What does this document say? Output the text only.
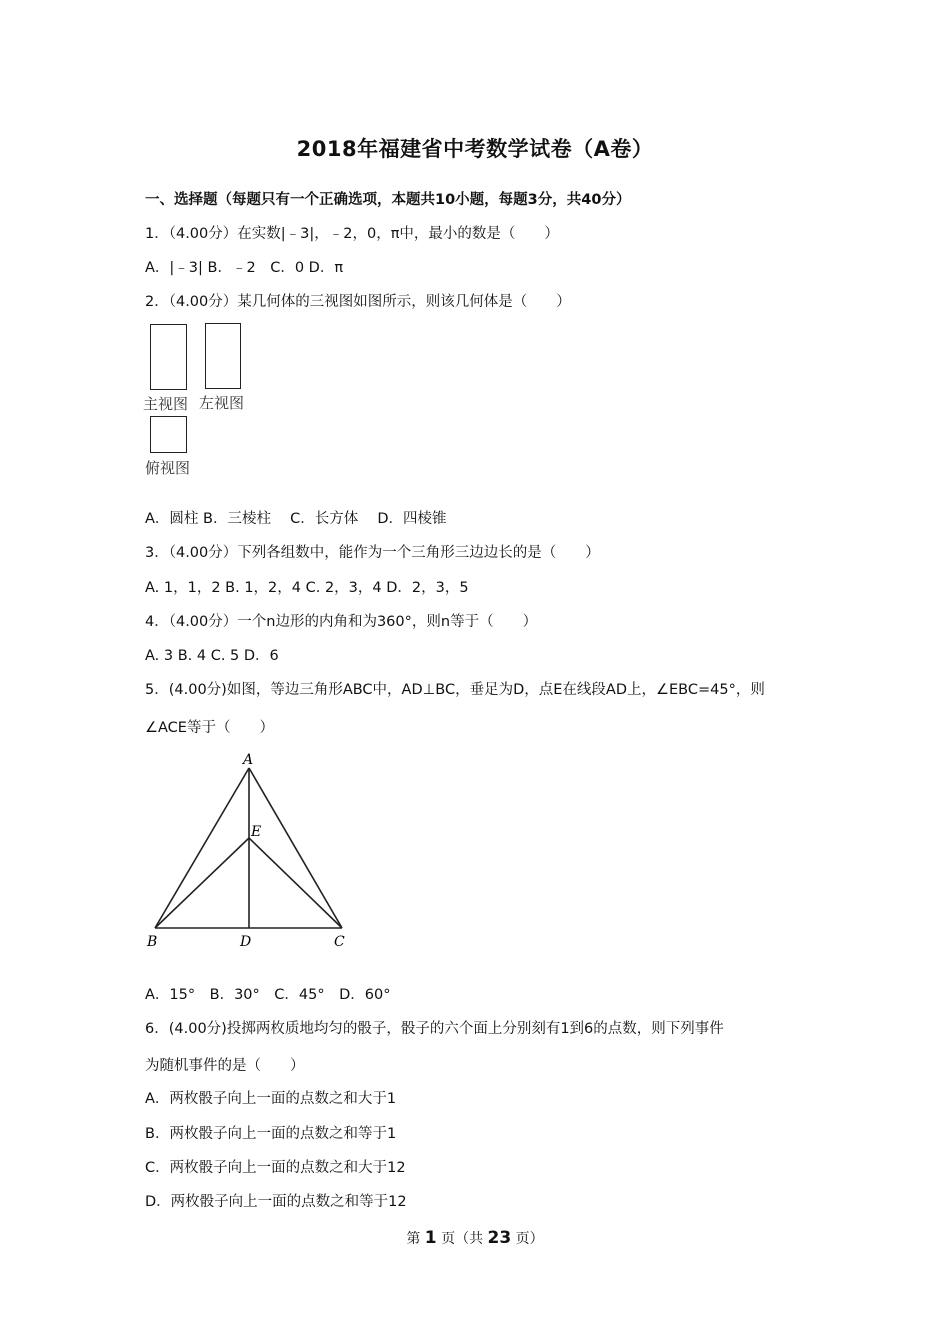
2018年福建省中考数学试卷（A卷）
一、选择题（每题只有一个正确选项，本题共10小题，每题3分，共40分）
1．（4.00分）在实数|﹣3|，﹣2，0，π中，最小的数是（　　）
A．|﹣3| B．﹣2　C．0 D．π
2．（4.00分）某几何体的三视图如图所示，则该几何体是（　　）
主视图 左视图
俯视图
A．圆柱 B．三棱柱　 C．长方体　 D．四棱锥
3．（4.00分）下列各组数中，能作为一个三角形三边边长的是（　　）
A. 1，1，2 B. 1，2，4 C. 2，3，4 D．2，3，5
4．（4.00分）一个n边形的内角和为360°，则n等于（　　）
A. 3 B. 4 C. 5 D．6
5．(4.00分)如图，等边三角形ABC中，AD⊥BC，垂足为D，点E在线段AD上，∠EBC=45°，则
∠ACE等于（　　）
A
E
B	D	C
A．15°　B．30°　C．45°　D．60°
6．(4.00分)投掷两枚质地均匀的骰子，骰子的六个面上分别刻有1到6的点数，则下列事件
为随机事件的是（　　）
A．两枚骰子向上一面的点数之和大于1
B．两枚骰子向上一面的点数之和等于1
C．两枚骰子向上一面的点数之和大于12
D．两枚骰子向上一面的点数之和等于12
第 1 页（共 23 页）
